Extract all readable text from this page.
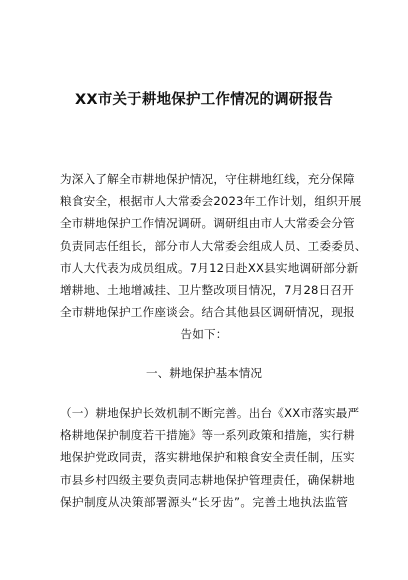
XX市关于耕地保护工作情况的调研报告
为深入了解全市耕地保护情况，守住耕地红线，充分保障
粮食安全，根据市人大常委会2023年工作计划，组织开展
全市耕地保护工作情况调研。调研组由市人大常委会分管
负责同志任组长，部分市人大常委会组成人员、工委委员、
市人大代表为成员组成。7月12日赴XX县实地调研部分新
增耕地、土地增减挂、卫片整改项目情况，7月28日召开
全市耕地保护工作座谈会。结合其他县区调研情况，现报
告如下：
一、耕地保护基本情况
（一）耕地保护长效机制不断完善。出台《XX市落实最严
格耕地保护制度若干措施》等一系列政策和措施，实行耕
地保护党政同责，落实耕地保护和粮食安全责任制，压实
市县乡村四级主要负责同志耕地保护管理责任，确保耕地
保护制度从决策部署源头“长牙齿”。完善土地执法监管
